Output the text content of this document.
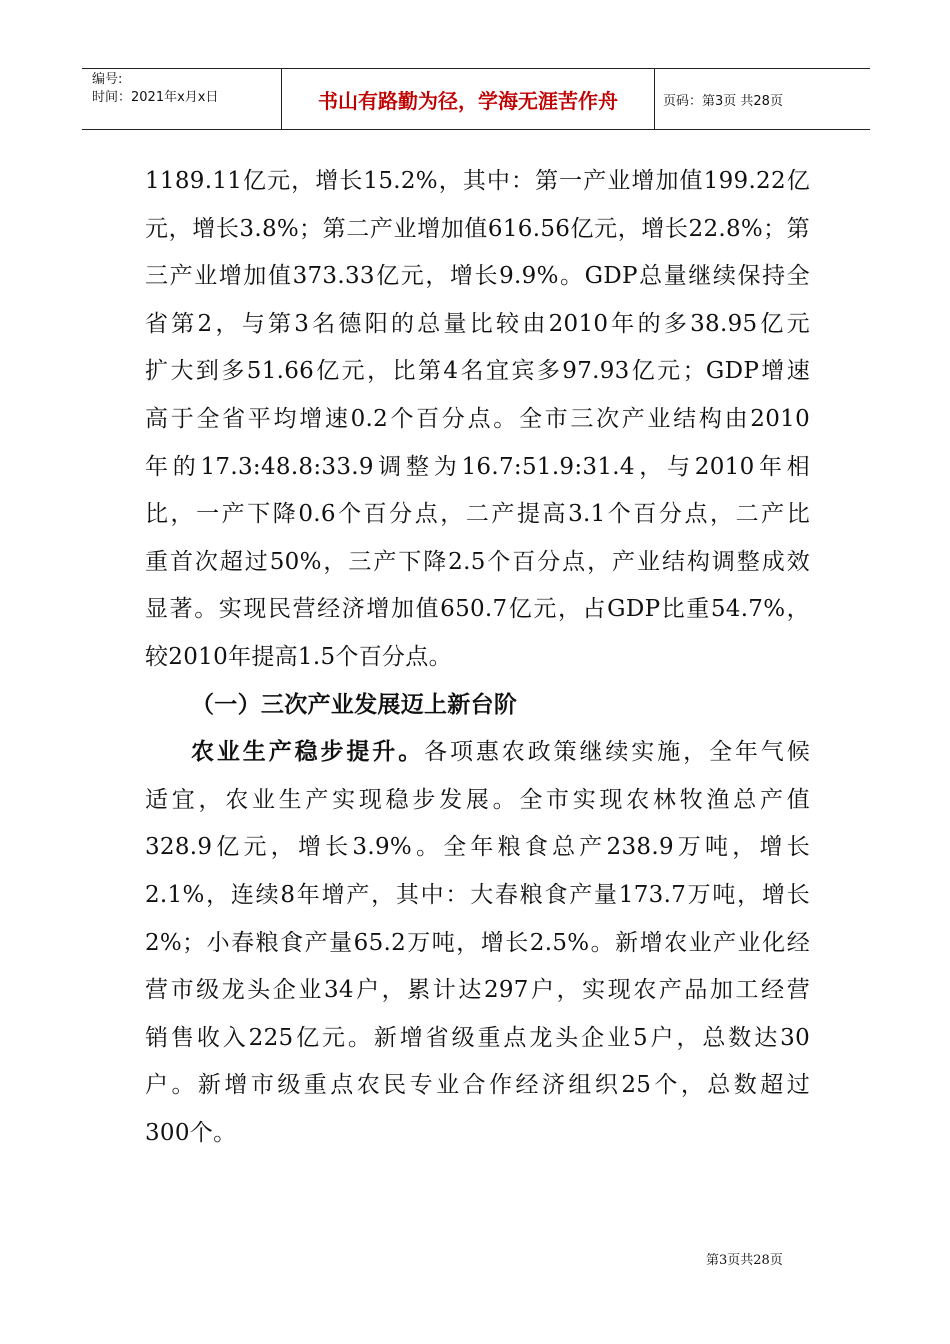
编号:
时间：2021年x月x日	书山有路勤为径，学海无涯苦作舟	页码：第3页 共28页
1189.11亿元，增长15.2%，其中：第一产业增加值199.22亿
元，增长3.8%；第二产业增加值616.56亿元，增长22.8%；第
三产业增加值373.33亿元，增长9.9%。GDP总量继续保持全
省第2，与第3名德阳的总量比较由2010年的多38.95亿元
扩大到多51.66亿元，比第4名宜宾多97.93亿元；GDP增速
高于全省平均增速0.2个百分点。全市三次产业结构由2010
年的17.3:48.8:33.9调整为16.7:51.9:31.4，与2010年相
比，一产下降0.6个百分点，二产提高3.1个百分点，二产比
重首次超过50%，三产下降2.5个百分点，产业结构调整成效
显著。实现民营经济增加值650.7亿元，占GDP比重54.7%，
较2010年提高1.5个百分点。
（一）三次产业发展迈上新台阶
农业生产稳步提升。各项惠农政策继续实施，全年气候
适宜，农业生产实现稳步发展。全市实现农林牧渔总产值
328.9亿元，增长3.9%。全年粮食总产238.9万吨，增长
2.1%，连续8年增产，其中：大春粮食产量173.7万吨，增长
2%；小春粮食产量65.2万吨，增长2.5%。新增农业产业化经
营市级龙头企业34户，累计达297户，实现农产品加工经营
销售收入225亿元。新增省级重点龙头企业5户，总数达30
户。新增市级重点农民专业合作经济组织25个，总数超过
300个。
第3页共28页
